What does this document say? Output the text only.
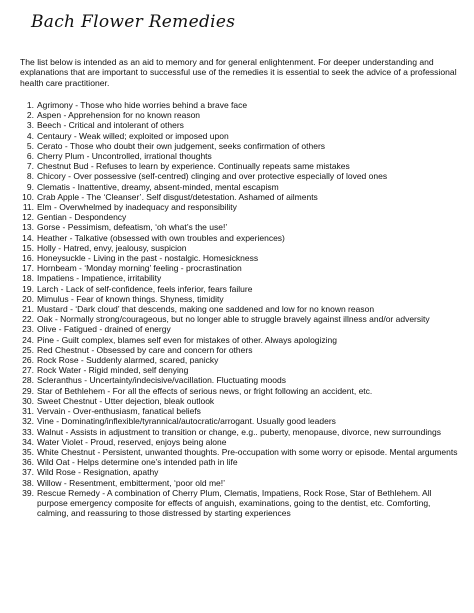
Bach Flower Remedies
The list below is intended as an aid to memory and for general enlightenment. For deeper understanding and explanations that are important to successful use of the remedies it is essential to seek the advice of a professional health care practitioner.
1. Agrimony - Those who hide worries behind a brave face
2. Aspen - Apprehension for no known reason
3. Beech - Critical and intolerant of others
4. Centaury - Weak willed; exploited or imposed upon
5. Cerato - Those who doubt their own judgement, seeks confirmation of others
6. Cherry Plum - Uncontrolled, irrational thoughts
7. Chestnut Bud - Refuses to learn by experience. Continually repeats same mistakes
8. Chicory - Over possessive (self-centred) clinging and over protective especially of loved ones
9. Clematis - Inattentive, dreamy, absent-minded, mental escapism
10. Crab Apple - The ‘Cleanser’. Self disgust/detestation. Ashamed of ailments
11. Elm - Overwhelmed by inadequacy and responsibility
12. Gentian - Despondency
13. Gorse - Pessimism, defeatism, ‘oh what’s the use!’
14. Heather - Talkative (obsessed with own troubles and experiences)
15. Holly - Hatred, envy, jealousy, suspicion
16. Honeysuckle - Living in the past - nostalgic. Homesickness
17. Hornbeam - ‘Monday morning’ feeling - procrastination
18. Impatiens - Impatience, irritability
19. Larch - Lack of self-confidence, feels inferior, fears failure
20. Mimulus - Fear of known things. Shyness, timidity
21. Mustard - ‘Dark cloud’ that descends, making one saddened and low for no known reason
22. Oak - Normally strong/courageous, but no longer able to struggle bravely against illness and/or adversity
23. Olive - Fatigued - drained of energy
24. Pine - Guilt complex, blames self even for mistakes of other. Always apologizing
25. Red Chestnut - Obsessed by care and concern for others
26. Rock Rose - Suddenly alarmed, scared, panicky
27. Rock Water - Rigid minded, self denying
28. Scleranthus - Uncertainty/indecisive/vacillation. Fluctuating moods
29. Star of Bethlehem - For all the effects of serious news, or fright following an accident, etc.
30. Sweet Chestnut - Utter dejection, bleak outlook
31. Vervain - Over-enthusiasm, fanatical beliefs
32. Vine - Dominating/inflexible/tyrannical/autocratic/arrogant. Usually good leaders
33. Walnut - Assists in adjustment to transition or change, e.g.. puberty, menopause, divorce, new surroundings
34. Water Violet - Proud, reserved, enjoys being alone
35. White Chestnut - Persistent, unwanted thoughts. Pre-occupation with some worry or episode. Mental arguments
36. Wild Oat - Helps determine one’s intended path in life
37. Wild Rose - Resignation, apathy
38. Willow - Resentment, embitterment, ‘poor old me!’
39. Rescue Remedy - A combination of Cherry Plum, Clematis, Impatiens, Rock Rose, Star of Bethlehem. All purpose emergency composite for effects of anguish, examinations, going to the dentist, etc. Comforting, calming, and reassuring to those distressed by starting experiences
